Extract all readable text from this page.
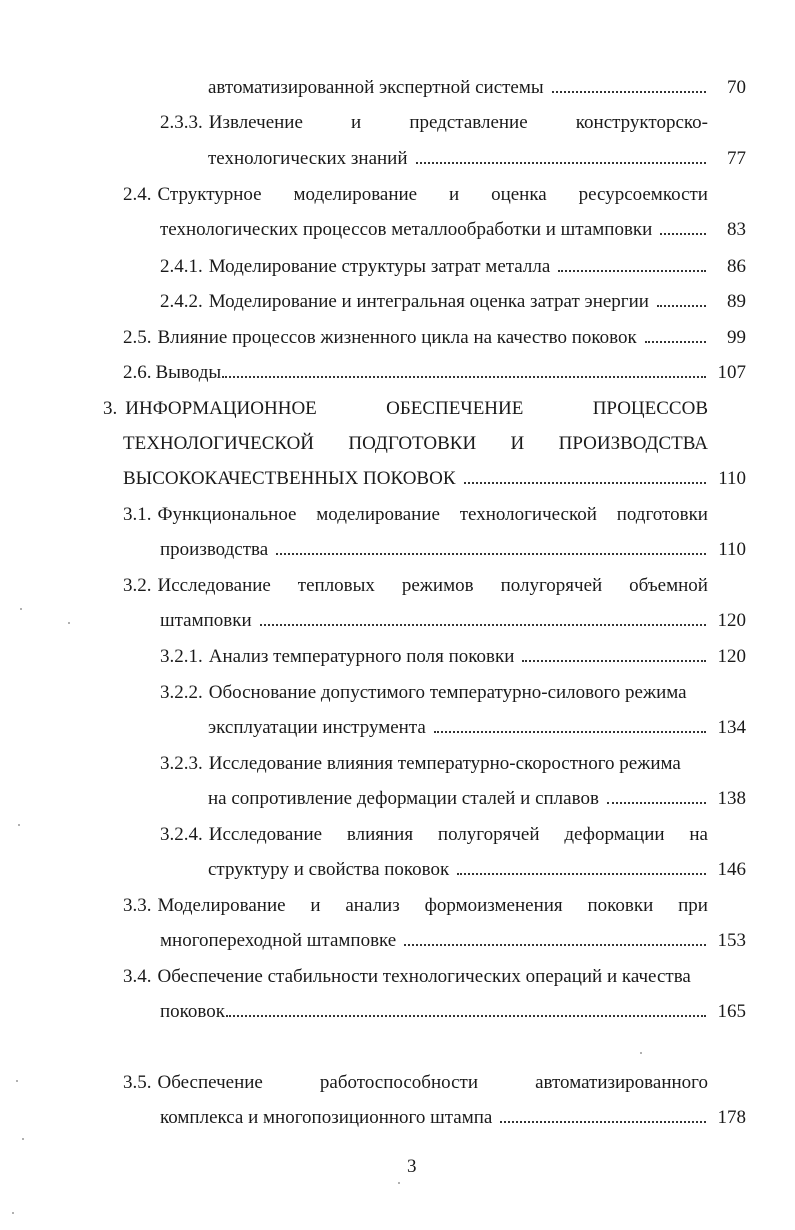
автоматизированной экспертной системы	70
2.3.3. Извлечение	и	представление	конструкторско-
технологических знаний	77
2.4. Структурное моделирование и оценка ресурсоемкости
технологических процессов металлообработки и штамповки	83
2.4.1. Моделирование структуры затрат металла	86
2.4.2. Моделирование и интегральная оценка затрат энергии	89
2.5. Влияние процессов жизненного цикла на качество поковок	99
2.6. Выводы	107
3. ИНФОРМАЦИОННОЕ	ОБЕСПЕЧЕНИЕ	ПРОЦЕССОВ
ТЕХНОЛОГИЧЕСКОЙ ПОДГОТОВКИ И ПРОИЗВОДСТВА
ВЫСОКОКАЧЕСТВЕННЫХ ПОКОВОК	110
3.1. Функциональное моделирование технологической подготовки
производства	110
3.2. Исследование тепловых режимов полугорячей объемной
штамповки	120
3.2.1. Анализ температурного поля поковки	120
3.2.2. Обоснование допустимого температурно-силового режима
эксплуатации инструмента	134
3.2.3. Исследование влияния температурно-скоростного режима
на сопротивление деформации сталей и сплавов	138
3.2.4. Исследование влияния полугорячей деформации на
структуру и свойства поковок	146
3.3. Моделирование и анализ формоизменения поковки при
многопереходной штамповке	153
3.4. Обеспечение стабильности технологических операций и качества
поковок	165
3.5. Обеспечение	работоспособности	автоматизированного
комплекса и многопозиционного штампа	178
3
